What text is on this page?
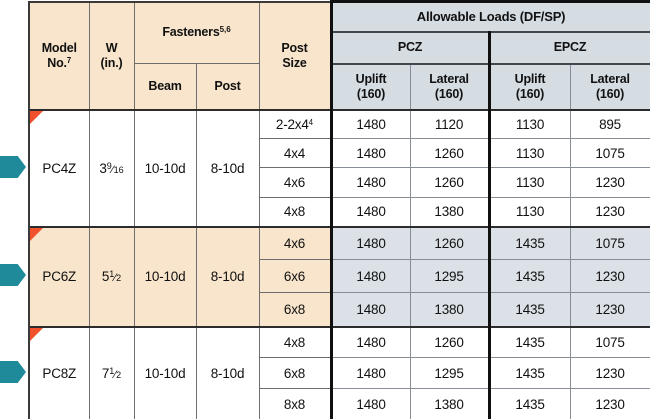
Model
No.$^7$

W
(in.)
	Fasteners$^{5,6}$	
Post
Size
	Allowable Loads (DF/SP)
					PCZ		EPCZ	
Beam	Post	
Uplift
(160)

Lateral
(160)

Uplift
(160)

Lateral
(160)

PC4Z	$3^9⁄16$	10-10d	8-10d	2-2x4$^4$	1480	1120	1130	895
				4x4	1480	1260	1130	1075
				4x6	1480	1260	1130	1230
				4x8	1480	1380	1130	1230

PC6Z	$5^1⁄2$	10-10d	8-10d	4x6	1480	1260	1435	1075
				6x6	1480	1295	1435	1230
				6x8	1480	1380	1435	1230

PC8Z	$7^1⁄2$	10-10d	8-10d	4x8	1480	1260	1435	1075
				6x8	1480	1295	1435	1230
				8x8	1480	1380	1435	1230
